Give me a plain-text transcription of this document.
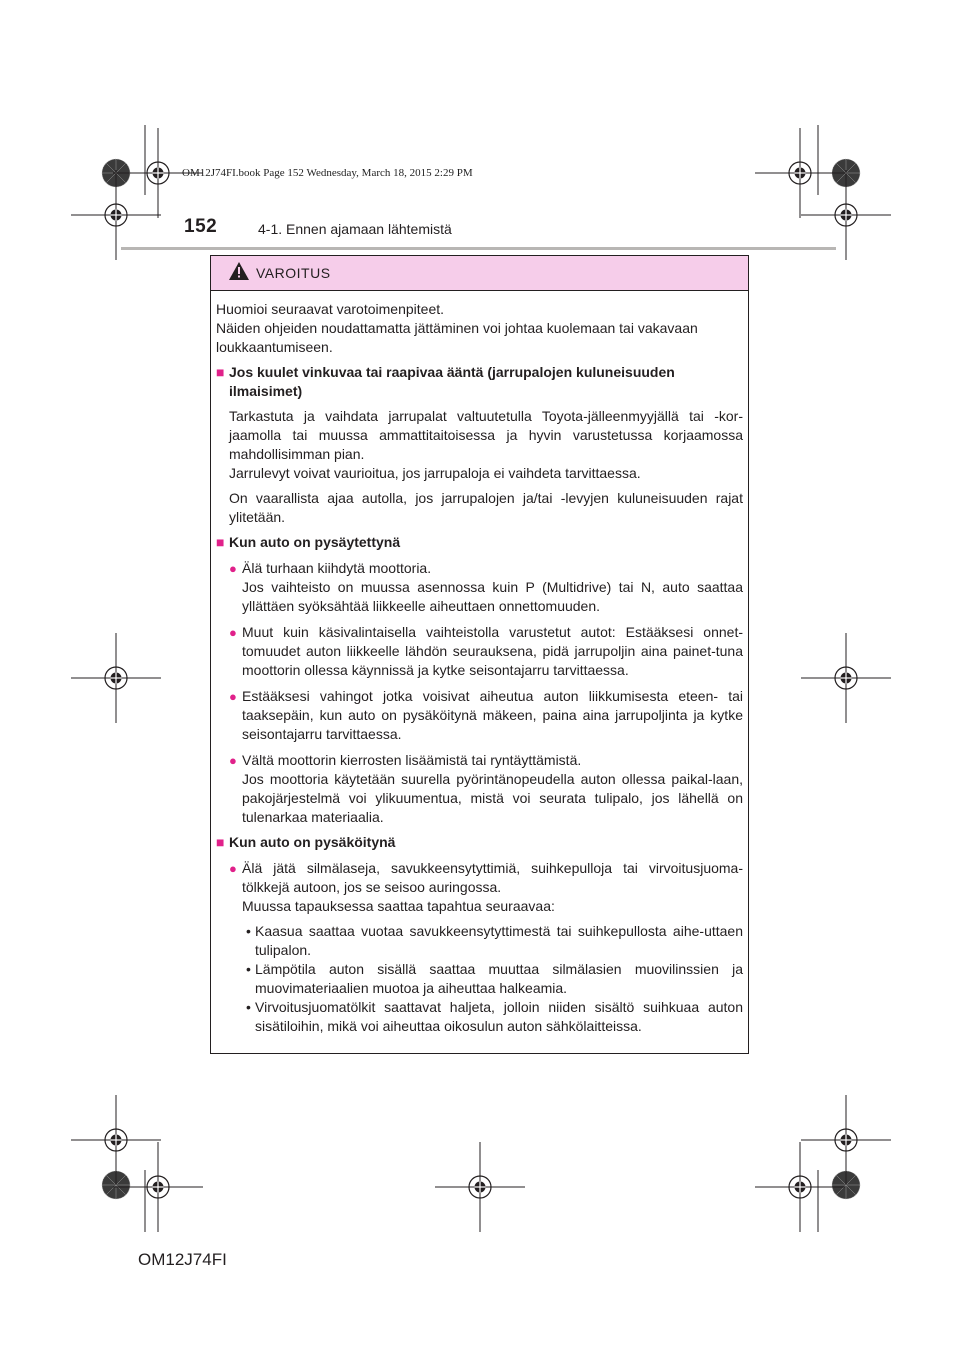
OM12J74FI.book Page 152 Wednesday, March 18, 2015 2:29 PM
152	4-1. Ennen ajamaan lähtemistä
VAROITUS

Huomioi seuraavat varotoimenpiteet.

Näiden ohjeiden noudattamatta jättäminen voi johtaa kuolemaan tai vakavaan loukkaantumiseen.

■ Jos kuulet vinkuvaa tai raapivaa ääntä (jarrupalojen kuluneisuuden ilmaisimet)

Tarkastuta ja vaihdata jarrupalat valtuutetulla Toyota-jälleenmyyjällä tai -kor-jaamolla tai muussa ammattitaitoisessa ja hyvin varustetussa korjaamossa mahdollisimman pian.

Jarrulevyt voivat vaurioitua, jos jarrupaloja ei vaihdeta tarvittaessa.

On vaarallista ajaa autolla, jos jarrupalojen ja/tai -levyjen kuluneisuuden rajat ylitetään.

■ Kun auto on pysäytettynä
● Älä turhaan kiihdytä moottoria.

Jos vaihteisto on muussa asennossa kuin P (Multidrive) tai N, auto saattaa yllättäen syöksähtää liikkeelle aiheuttaen onnettomuuden.

● Muut kuin käsivalintaisella vaihteistolla varustetut autot: Estääksesi onnet-tomuudet auton liikkeelle lähdön seurauksena, pidä jarrupoljin aina painet-tuna moottorin ollessa käynnissä ja kytke seisontajarru tarvittaessa.

● Estääksesi vahingot jotka voisivat aiheutua auton liikkumisesta eteen- tai taaksepäin, kun auto on pysäköitynä mäkeen, paina aina jarrupoljinta ja kytke seisontajarru tarvittaessa.

● Vältä moottorin kierrosten lisäämistä tai ryntäyttämistä.

Jos moottoria käytetään suurella pyörintänopeudella auton ollessa paikal-laan, pakojärjestelmä voi ylikuumentua, mistä voi seurata tulipalo, jos lähellä on tulenarkaa materiaalia.

■ Kun auto on pysäköitynä
● Älä jätä silmälaseja, savukkeensytyttimiä, suihkepulloja tai virvoitusjuoma-tölkkejä autoon, jos se seisoo auringossa.

Muussa tapauksessa saattaa tapahtua seuraavaa:

• Kaasua saattaa vuotaa savukkeensytyttimestä tai suihkepullosta aihe-uttaen tulipalon.
• Lämpötila auton sisällä saattaa muuttaa silmälasien muovilinssien ja muovimateriaalien muotoa ja aiheuttaa halkeamia.
• Virvoitusjuomatölkit saattavat haljeta, jolloin niiden sisältö suihkuaa auton sisätiloihin, mikä voi aiheuttaa oikosulun auton sähkölaitteissa.
OM12J74FI
